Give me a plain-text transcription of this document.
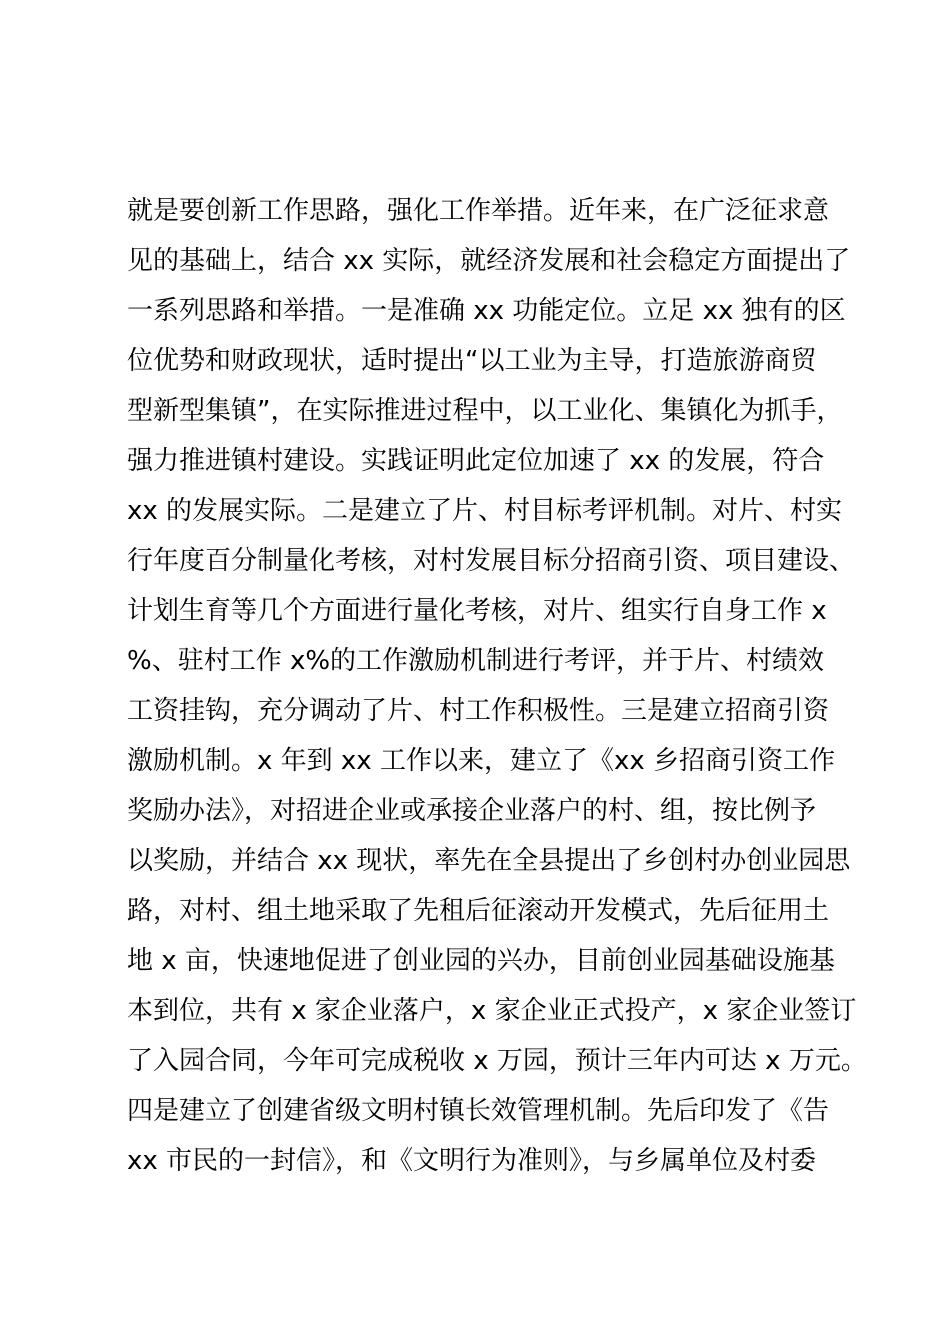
就是要创新工作思路，强化工作举措。近年来，在广泛征求意
见的基础上，结合 xx 实际，就经济发展和社会稳定方面提出了
一系列思路和举措。一是准确 xx 功能定位。立足 xx 独有的区
位优势和财政现状，适时提出“以工业为主导，打造旅游商贸
型新型集镇”，在实际推进过程中，以工业化、集镇化为抓手，
强力推进镇村建设。实践证明此定位加速了 xx 的发展，符合
xx 的发展实际。二是建立了片、村目标考评机制。对片、村实
行年度百分制量化考核，对村发展目标分招商引资、项目建设、
计划生育等几个方面进行量化考核，对片、组实行自身工作 x
%、驻村工作 x%的工作激励机制进行考评，并于片、村绩效
工资挂钩，充分调动了片、村工作积极性。三是建立招商引资
激励机制。x 年到 xx 工作以来，建立了《xx 乡招商引资工作
奖励办法》，对招进企业或承接企业落户的村、组，按比例予
以奖励，并结合 xx 现状，率先在全县提出了乡创村办创业园思
路，对村、组土地采取了先租后征滚动开发模式，先后征用土
地 x 亩，快速地促进了创业园的兴办，目前创业园基础设施基
本到位，共有 x 家企业落户，x 家企业正式投产，x 家企业签订
了入园合同，今年可完成税收 x 万园，预计三年内可达 x 万元。
四是建立了创建省级文明村镇长效管理机制。先后印发了《告
xx 市民的一封信》，和《文明行为准则》，与乡属单位及村委
